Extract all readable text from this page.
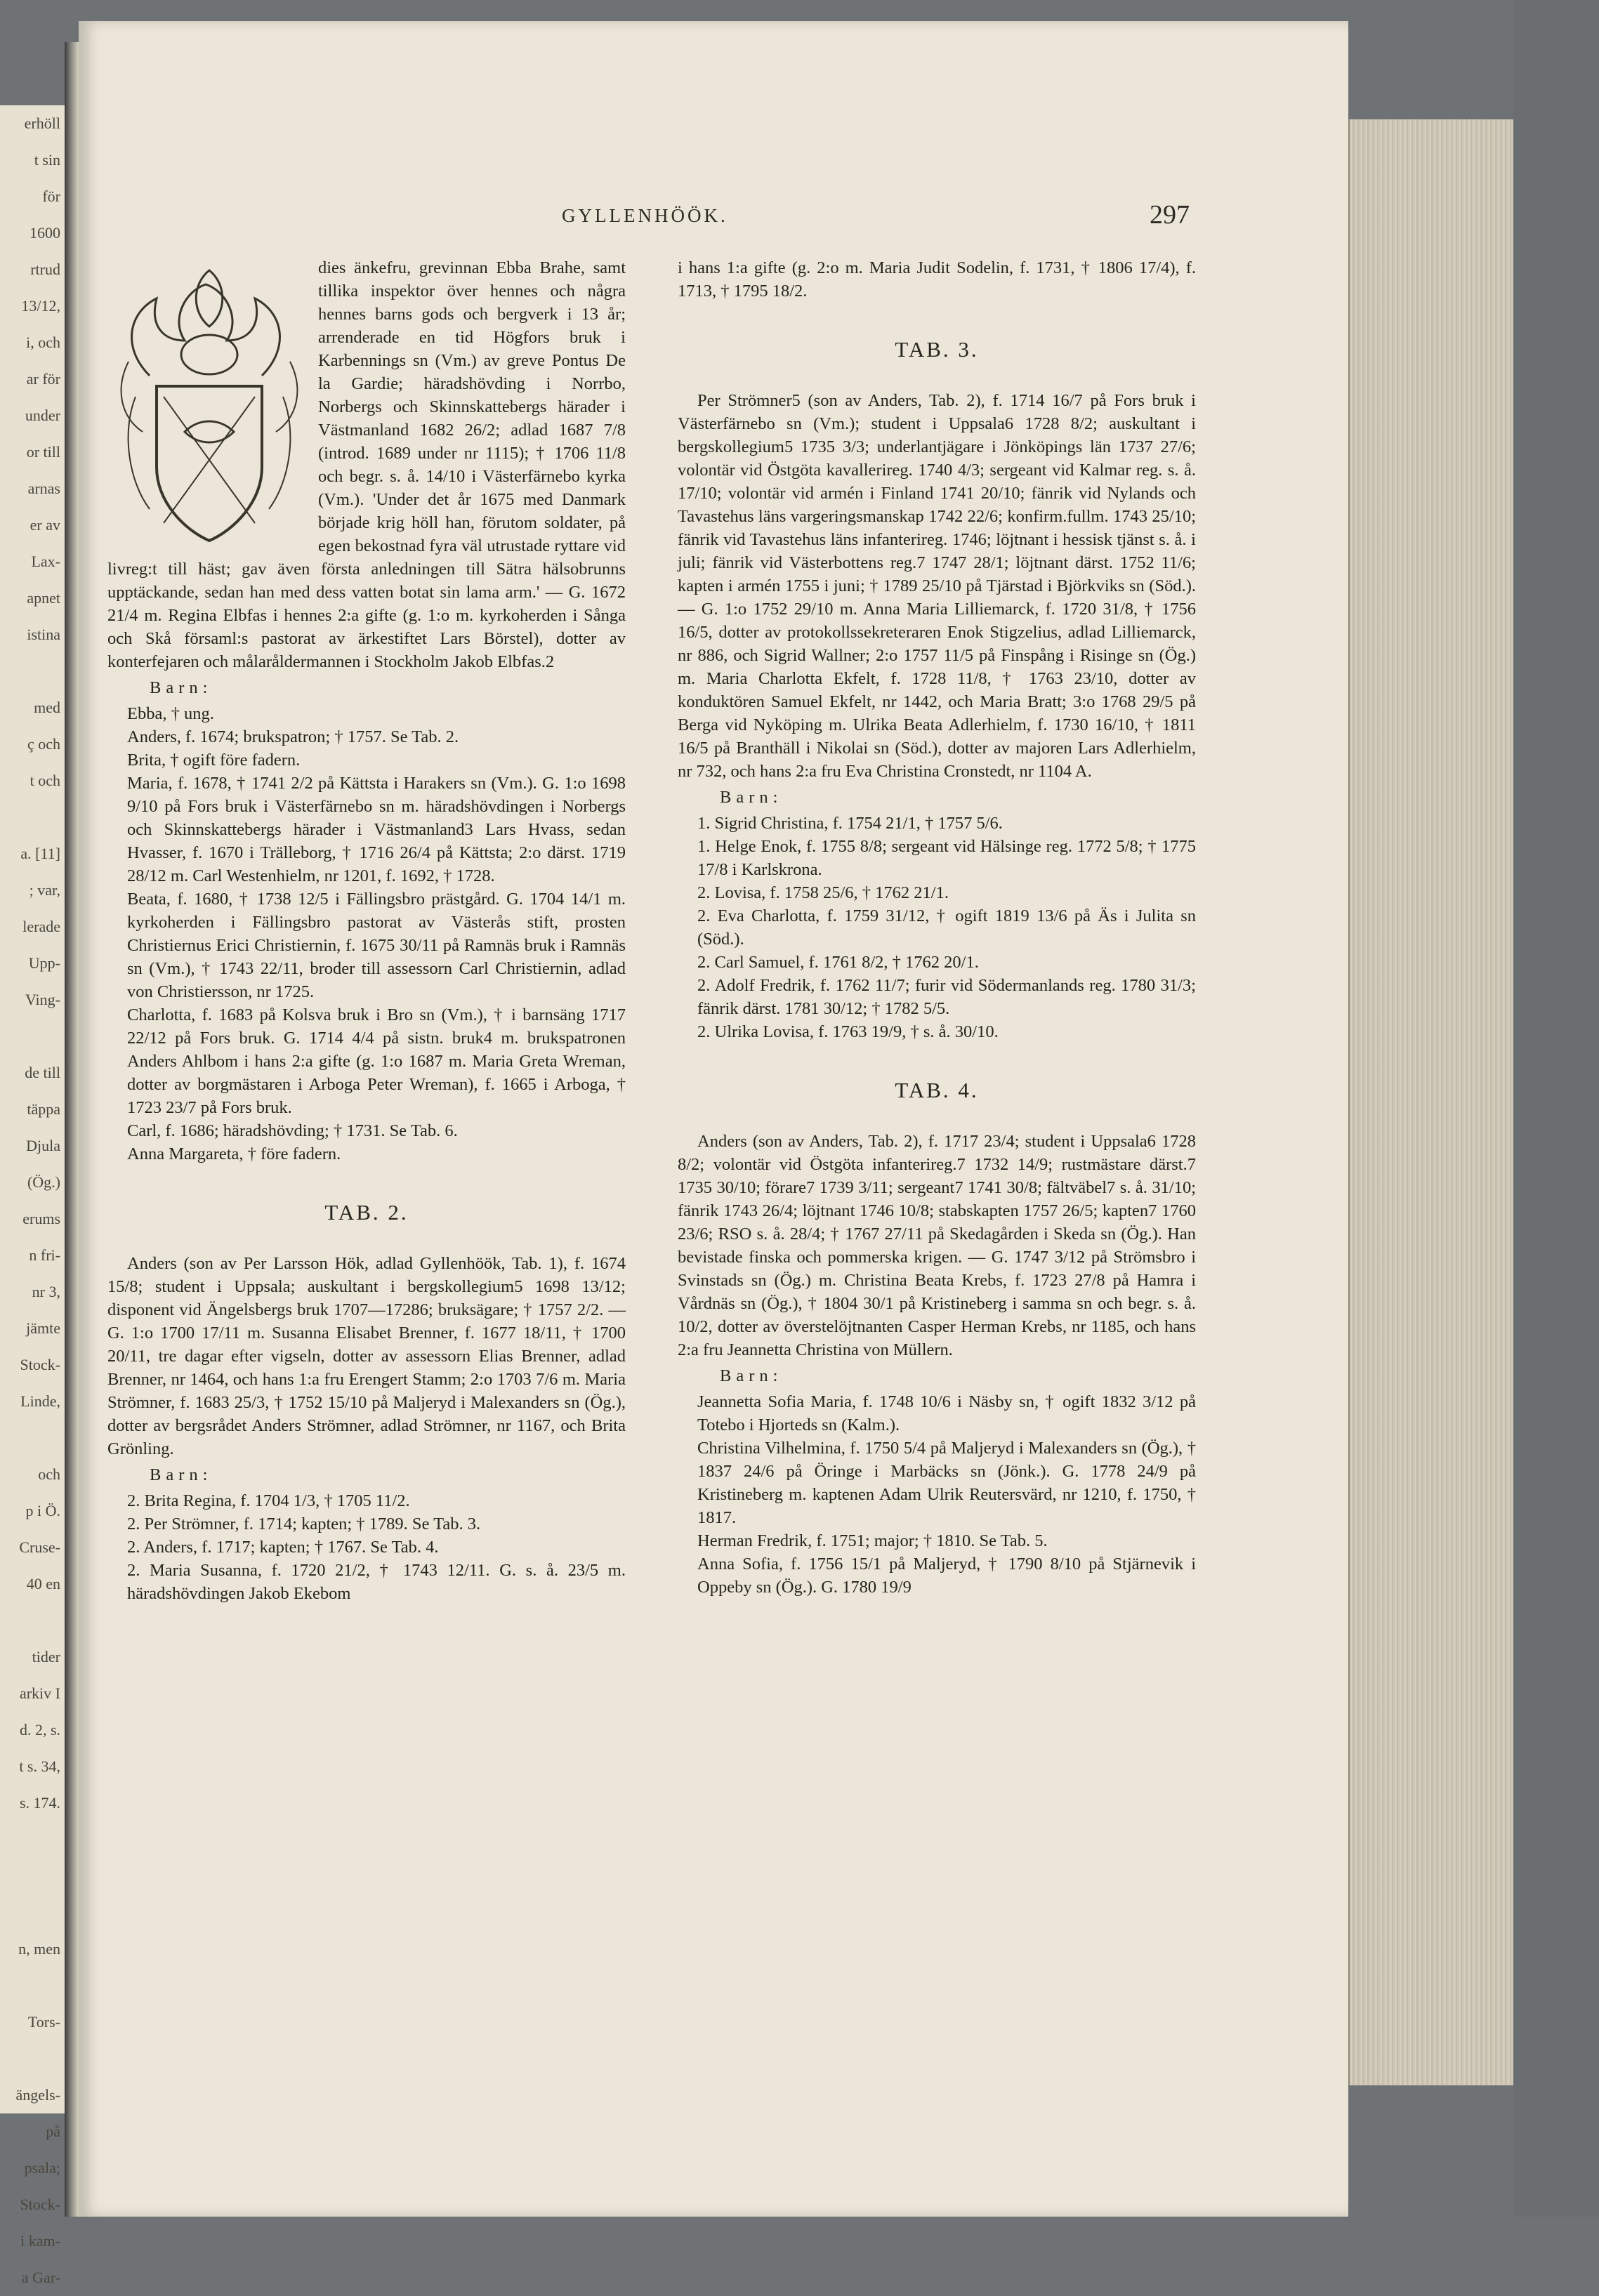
erhöll
t sin
för
1600
rtrud
13/12,
i, och
ar för
under
or till
arnas
er av
Lax-
apnet
istina
med
ç och
t och
a. [11]
; var,
lerade
Upp-
Ving-
de till
täppa
Djula
(Ög.)
erums
n fri-
nr 3,
jämte
Stock-
Linde,
och
p i Ö.
Cruse-
40 en
tider
arkiv I
d. 2, s.
t s. 34,
s. 174.
n, men
Tors-
ängels-
på
psala;
Stock-
i kam-
a Gar-
GYLLENHÖÖK.	297

dies änkefru, grevinnan Ebba Brahe, samt tillika inspektor över hennes och några hennes barns gods och bergverk i 13 år; arrenderade en tid Högfors bruk i Karbennings sn (Vm.) av greve Pontus De la Gardie; häradshövding i Norrbo, Norbergs och Skinnskattebergs härader i Västmanland 1682 26/2; adlad 1687 7/8 (introd. 1689 under nr 1115); † 1706 11/8 och begr. s. å. 14/10 i Västerfärnebo kyrka (Vm.). 'Under det år 1675 med Danmark började krig höll han, förutom soldater, på egen bekostnad fyra väl utrustade ryttare vid livreg:t till häst; gav även första anledningen till Sätra hälsobrunns upptäckande, sedan han med dess vatten botat sin lama arm.' — G. 1672 21/4 m. Regina Elbfas i hennes 2:a gifte (g. 1:o m. kyrkoherden i Sånga och Skå församl:s pastorat av ärkestiftet Lars Börstel), dotter av konterfejaren och målaråldermannen i Stockholm Jakob Elbfas.2

Barn:

Ebba, † ung.

Anders, f. 1674; brukspatron; † 1757. Se Tab. 2.

Brita, † ogift före fadern.

Maria, f. 1678, † 1741 2/2 på Kättsta i Harakers sn (Vm.). G. 1:o 1698 9/10 på Fors bruk i Västerfärnebo sn m. häradshövdingen i Norbergs och Skinnskattebergs härader i Västmanland3 Lars Hvass, sedan Hvasser, f. 1670 i Trälleborg, † 1716 26/4 på Kättsta; 2:o därst. 1719 28/12 m. Carl Westenhielm, nr 1201, f. 1692, † 1728.

Beata, f. 1680, † 1738 12/5 i Fällingsbro prästgård. G. 1704 14/1 m. kyrkoherden i Fällingsbro pastorat av Västerås stift, prosten Christiernus Erici Christiernin, f. 1675 30/11 på Ramnäs bruk i Ramnäs sn (Vm.), † 1743 22/11, broder till assessorn Carl Christiernin, adlad von Christiersson, nr 1725.

Charlotta, f. 1683 på Kolsva bruk i Bro sn (Vm.), † i barnsäng 1717 22/12 på Fors bruk. G. 1714 4/4 på sistn. bruk4 m. brukspatronen Anders Ahlbom i hans 2:a gifte (g. 1:o 1687 m. Maria Greta Wreman, dotter av borgmästaren i Arboga Peter Wreman), f. 1665 i Arboga, † 1723 23/7 på Fors bruk.

Carl, f. 1686; häradshövding; † 1731. Se Tab. 6.

Anna Margareta, † före fadern.

TAB. 2.

Anders (son av Per Larsson Hök, adlad Gyllenhöök, Tab. 1), f. 1674 15/8; student i Uppsala; auskultant i bergskollegium5 1698 13/12; disponent vid Ängelsbergs bruk 1707—17286; bruksägare; † 1757 2/2. — G. 1:o 1700 17/11 m. Susanna Elisabet Brenner, f. 1677 18/11, † 1700 20/11, tre dagar efter vigseln, dotter av assessorn Elias Brenner, adlad Brenner, nr 1464, och hans 1:a fru Erengert Stamm; 2:o 1703 7/6 m. Maria Strömner, f. 1683 25/3, † 1752 15/10 på Maljeryd i Malexanders sn (Ög.), dotter av bergsrådet Anders Strömner, adlad Strömner, nr 1167, och Brita Grönling.

Barn:

2. Brita Regina, f. 1704 1/3, † 1705 11/2.

2. Per Strömner, f. 1714; kapten; † 1789. Se Tab. 3.

2. Anders, f. 1717; kapten; † 1767. Se Tab. 4.

2. Maria Susanna, f. 1720 21/2, † 1743 12/11. G. s. å. 23/5 m. häradshövdingen Jakob Ekebom

i hans 1:a gifte (g. 2:o m. Maria Judit Sodelin, f. 1731, † 1806 17/4), f. 1713, † 1795 18/2.

TAB. 3.

Per Strömner5 (son av Anders, Tab. 2), f. 1714 16/7 på Fors bruk i Västerfärnebo sn (Vm.); student i Uppsala6 1728 8/2; auskultant i bergskollegium5 1735 3/3; underlantjägare i Jönköpings län 1737 27/6; volontär vid Östgöta kavallerireg. 1740 4/3; sergeant vid Kalmar reg. s. å. 17/10; volontär vid armén i Finland 1741 20/10; fänrik vid Nylands och Tavastehus läns vargeringsmanskap 1742 22/6; konfirm.fullm. 1743 25/10; fänrik vid Tavastehus läns infanterireg. 1746; löjtnant i hessisk tjänst s. å. i juli; fänrik vid Västerbottens reg.7 1747 28/1; löjtnant därst. 1752 11/6; kapten i armén 1755 i juni; † 1789 25/10 på Tjärstad i Björkviks sn (Söd.). — G. 1:o 1752 29/10 m. Anna Maria Lilliemarck, f. 1720 31/8, † 1756 16/5, dotter av protokollssekreteraren Enok Stigzelius, adlad Lilliemarck, nr 886, och Sigrid Wallner; 2:o 1757 11/5 på Finspång i Risinge sn (Ög.) m. Maria Charlotta Ekfelt, f. 1728 11/8, † 1763 23/10, dotter av konduktören Samuel Ekfelt, nr 1442, och Maria Bratt; 3:o 1768 29/5 på Berga vid Nyköping m. Ulrika Beata Adlerhielm, f. 1730 16/10, † 1811 16/5 på Branthäll i Nikolai sn (Söd.), dotter av majoren Lars Adlerhielm, nr 732, och hans 2:a fru Eva Christina Cronstedt, nr 1104 A.

Barn:

1. Sigrid Christina, f. 1754 21/1, † 1757 5/6.

1. Helge Enok, f. 1755 8/8; sergeant vid Hälsinge reg. 1772 5/8; † 1775 17/8 i Karlskrona.

2. Lovisa, f. 1758 25/6, † 1762 21/1.

2. Eva Charlotta, f. 1759 31/12, † ogift 1819 13/6 på Äs i Julita sn (Söd.).

2. Carl Samuel, f. 1761 8/2, † 1762 20/1.

2. Adolf Fredrik, f. 1762 11/7; furir vid Södermanlands reg. 1780 31/3; fänrik därst. 1781 30/12; † 1782 5/5.

2. Ulrika Lovisa, f. 1763 19/9, † s. å. 30/10.

TAB. 4.

Anders (son av Anders, Tab. 2), f. 1717 23/4; student i Uppsala6 1728 8/2; volontär vid Östgöta infanterireg.7 1732 14/9; rustmästare därst.7 1735 30/10; förare7 1739 3/11; sergeant7 1741 30/8; fältväbel7 s. å. 31/10; fänrik 1743 26/4; löjtnant 1746 10/8; stabskapten 1757 26/5; kapten7 1760 23/6; RSO s. å. 28/4; † 1767 27/11 på Skedagården i Skeda sn (Ög.). Han bevistade finska och pommerska krigen. — G. 1747 3/12 på Strömsbro i Svinstads sn (Ög.) m. Christina Beata Krebs, f. 1723 27/8 på Hamra i Vårdnäs sn (Ög.), † 1804 30/1 på Kristineberg i samma sn och begr. s. å. 10/2, dotter av överstelöjtnanten Casper Herman Krebs, nr 1185, och hans 2:a fru Jeannetta Christina von Müllern.

Barn:

Jeannetta Sofia Maria, f. 1748 10/6 i Näsby sn, † ogift 1832 3/12 på Totebo i Hjorteds sn (Kalm.).

Christina Vilhelmina, f. 1750 5/4 på Maljeryd i Malexanders sn (Ög.), † 1837 24/6 på Öringe i Marbäcks sn (Jönk.). G. 1778 24/9 på Kristineberg m. kaptenen Adam Ulrik Reutersvärd, nr 1210, f. 1750, † 1817.

Herman Fredrik, f. 1751; major; † 1810. Se Tab. 5.

Anna Sofia, f. 1756 15/1 på Maljeryd, † 1790 8/10 på Stjärnevik i Oppeby sn (Ög.). G. 1780 19/9
